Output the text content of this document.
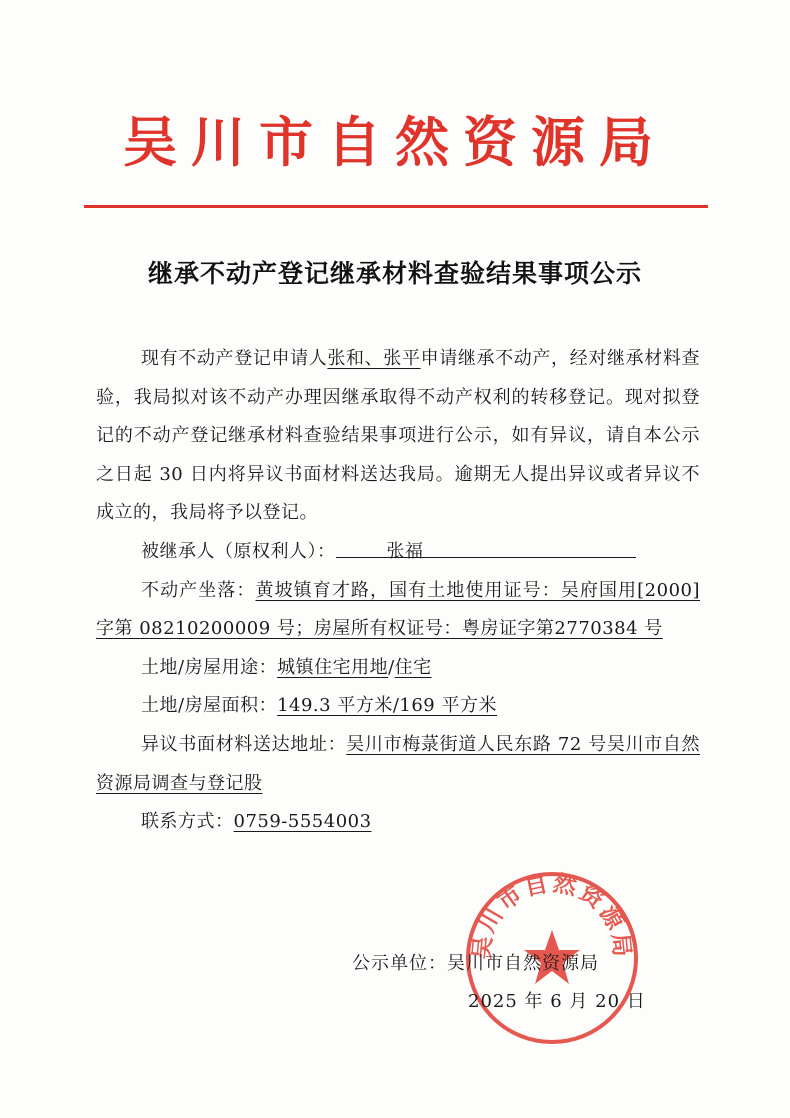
吴川市自然资源局
继承不动产登记继承材料查验结果事项公示

现有不动产登记申请人张和、张平申请继承不动产，经对继承材料查验，我局拟对该不动产办理因继承取得不动产权利的转移登记。现对拟登记的不动产登记继承材料查验结果事项进行公示，如有异议，请自本公示之日起 30 日内将异议书面材料送达我局。逾期无人提出异议或者异议不成立的，我局将予以登记。

被继承人（原权利人）：	张福

不动产坐落：黄坡镇育才路，国有土地使用证号：吴府国用[2000]字第 08210200009 号；房屋所有权证号：粤房证字第2770384 号

土地/房屋用途：城镇住宅用地/住宅

土地/房屋面积：149.3 平方米/169 平方米

异议书面材料送达地址：吴川市梅菉街道人民东路 72 号吴川市自然资源局调查与登记股

联系方式：0759-5554003

吴川市自然资源局
公示单位：吴川市自然资源局
2025 年 6 月 20 日
